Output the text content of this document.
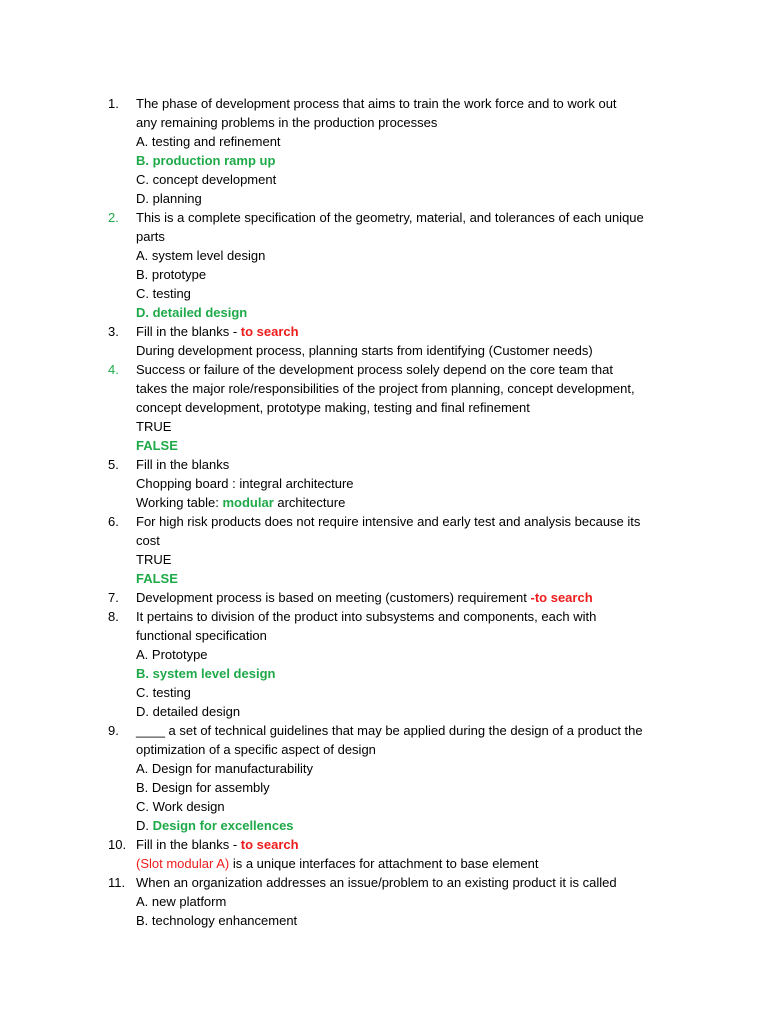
1.	The phase of development process that aims to train the work force and to work out
any remaining problems in the production processes
A. testing and refinement
B. production ramp up
C. concept development
D. planning
2.	This is a complete specification of the geometry, material, and tolerances of each unique
parts
A. system level design
B. prototype
C. testing
D. detailed design
3.	Fill in the blanks - to search
During development process, planning starts from identifying (Customer needs)
4.	Success or failure of the development process solely depend on the core team that
takes the major role/responsibilities of the project from planning, concept development,
concept development, prototype making, testing and final refinement
TRUE
FALSE
5.	Fill in the blanks
Chopping board : integral architecture
Working table: modular architecture
6.	For high risk products does not require intensive and early test and analysis because its
cost
TRUE
FALSE
7.	Development process is based on meeting (customers) requirement -to search
8.	It pertains to division of the product into subsystems and components, each with
functional specification
A. Prototype
B. system level design
C. testing
D. detailed design
9.	____ a set of technical guidelines that may be applied during the design of a product the
optimization of a specific aspect of design
A. Design for manufacturability
B. Design for assembly
C. Work design
D. Design for excellences
10. Fill in the blanks - to search
(Slot modular A) is a unique interfaces for attachment to base element
11. When an organization addresses an issue/problem to an existing product it is called
A. new platform
B. technology enhancement
